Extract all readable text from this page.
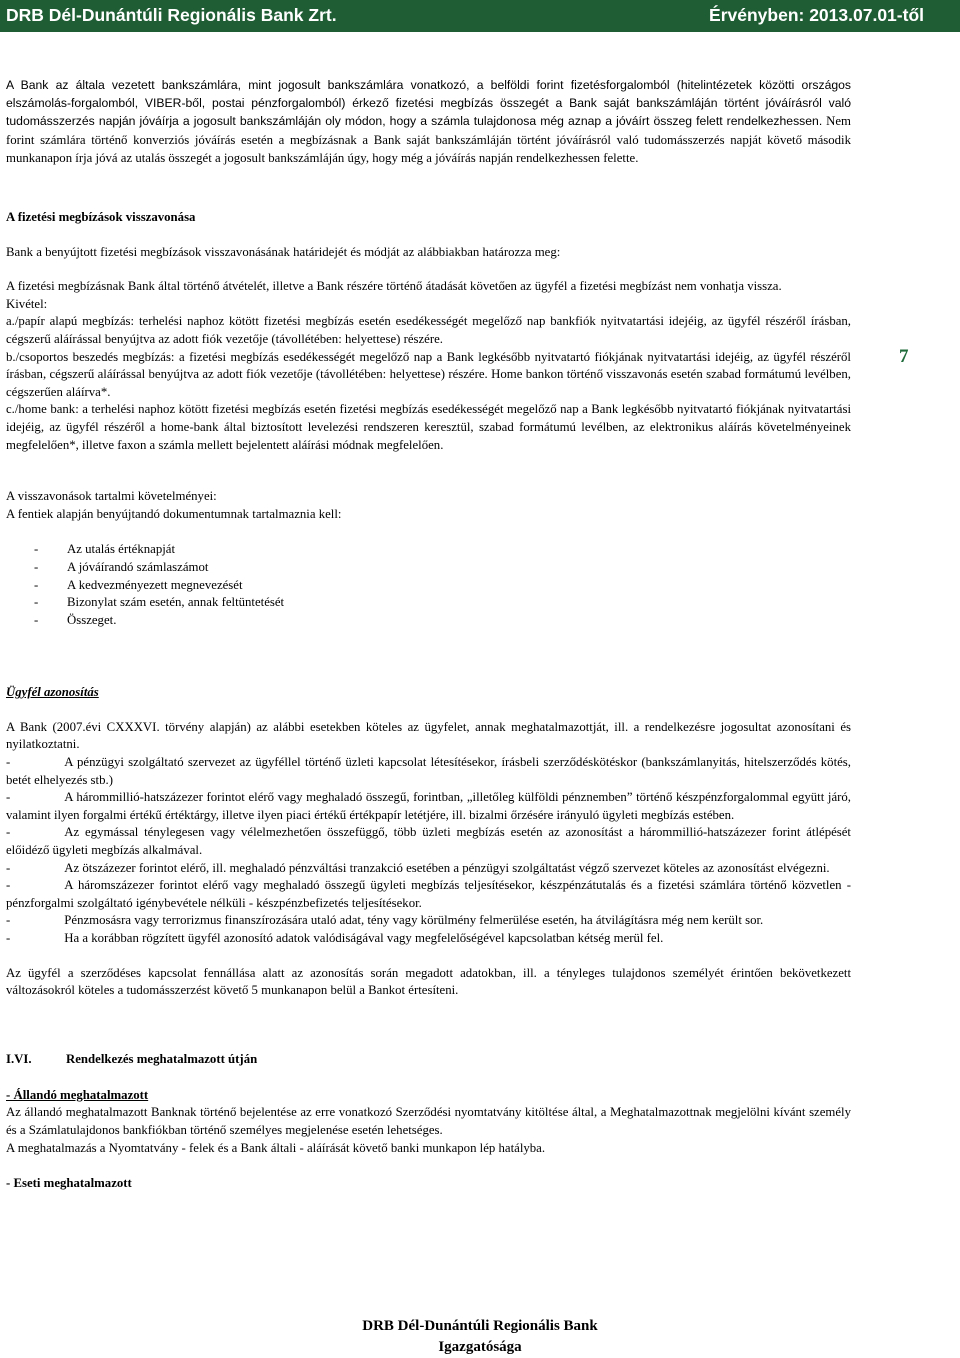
DRB Dél-Dunántúli Regionális Bank Zrt.	Érvényben: 2013.07.01-től
7

A Bank az általa vezetett bankszámlára, mint jogosult bankszámlára vonatkozó, a belföldi forint fizetésforgalomból (hitelintézetek közötti országos elszámolás-forgalomból, VIBER-ből, postai pénzforgalomból) érkező fizetési megbízás összegét a Bank saját bankszámláján történt jóváírásról való tudomásszerzés napján jóváírja a jogosult bankszámláján oly módon, hogy a számla tulajdonosa még aznap a jóváírt összeg felett rendelkezhessen. Nem forint számlára történő konverziós jóváírás esetén a megbízásnak a Bank saját bankszámláján történt jóváírásról való tudomásszerzés napját követő második munkanapon írja jóvá az utalás összegét a jogosult bankszámláján úgy, hogy még a jóváírás napján rendelkezhessen felette.

A fizetési megbízások visszavonása

Bank a benyújtott fizetési megbízások visszavonásának határidejét és módját az alábbiakban határozza meg:

A fizetési megbízásnak Bank által történő átvételét, illetve a Bank részére történő átadását követően az ügyfél a fizetési megbízást nem vonhatja vissza.

Kivétel:

a./papír alapú megbízás: terhelési naphoz kötött fizetési megbízás esetén esedékességét megelőző nap bankfiók nyitvatartási idejéig, az ügyfél részéről írásban, cégszerű aláírással benyújtva az adott fiók vezetője (távollétében: helyettese) részére.

b./csoportos beszedés megbízás: a fizetési megbízás esedékességét megelőző nap a Bank legkésőbb nyitvatartó fiókjának nyitvatartási idejéig, az ügyfél részéről írásban, cégszerű aláírással benyújtva az adott fiók vezetője (távollétében: helyettese) részére. Home bankon történő visszavonás esetén szabad formátumú levélben, cégszerűen aláírva*.

c./home bank: a terhelési naphoz kötött fizetési megbízás esetén fizetési megbízás esedékességét megelőző nap a Bank legkésőbb nyitvatartó fiókjának nyitvatartási idejéig, az ügyfél részéről a home-bank által biztosított levelezési rendszeren keresztül, szabad formátumú levélben, az elektronikus aláírás követelményeinek megfelelően*, illetve faxon a számla mellett bejelentett aláírási módnak megfelelően.

A visszavonások tartalmi követelményei:

A fentiek alapján benyújtandó dokumentumnak tartalmaznia kell:

- Az utalás értéknapját
- A jóváírandó számlaszámot
- A kedvezményezett megnevezését
- Bizonylat szám esetén, annak feltüntetését
- Összeget.

Ügyfél azonosítás

A Bank (2007.évi CXXXVI. törvény alapján) az alábbi esetekben köteles az ügyfelet, annak meghatalmazottját, ill. a rendelkezésre jogosultat azonosítani és nyilatkoztatni.

-	A pénzügyi szolgáltató szervezet az ügyféllel történő üzleti kapcsolat létesítésekor, írásbeli szerződéskötéskor (bankszámlanyitás, hitelszerződés kötés, betét elhelyezés stb.)

-	A hárommillió-hatszázezer forintot elérő vagy meghaladó összegű, forintban, „illetőleg külföldi pénznemben” történő készpénzforgalommal együtt járó, valamint ilyen forgalmi értékű értéktárgy, illetve ilyen piaci értékű értékpapír letétjére, ill. bizalmi őrzésére irányuló ügyleti megbízás estében.

-	Az egymással ténylegesen vagy vélelmezhetően összefüggő, több üzleti megbízás esetén az azonosítást a hárommillió-hatszázezer forint átlépését előidéző ügyleti megbízás alkalmával.

-	Az ötszázezer forintot elérő, ill. meghaladó pénzváltási tranzakció esetében a pénzügyi szolgáltatást végző szervezet köteles az azonosítást elvégezni.

-	A háromszázezer forintot elérő vagy meghaladó összegű ügyleti megbízás teljesítésekor, készpénzátutalás és a fizetési számlára történő közvetlen - pénzforgalmi szolgáltató igénybevétele nélküli - készpénzbefizetés teljesítésekor.

-	Pénzmosásra vagy terrorizmus finanszírozására utaló adat, tény vagy körülmény felmerülése esetén, ha átvilágításra még nem került sor.

-	Ha a korábban rögzített ügyfél azonosító adatok valódiságával vagy megfelelőségével kapcsolatban kétség merül fel.

Az ügyfél a szerződéses kapcsolat fennállása alatt az azonosítás során megadott adatokban, ill. a tényleges tulajdonos személyét érintően bekövetkezett változásokról köteles a tudomásszerzést követő 5 munkanapon belül a Bankot értesíteni.

I.VI.	Rendelkezés meghatalmazott útján

- Állandó meghatalmazott

Az állandó meghatalmazott Banknak történő bejelentése az erre vonatkozó Szerződési nyomtatvány kitöltése által, a Meghatalmazottnak megjelölni kívánt személy és a Számlatulajdonos bankfiókban történő személyes megjelenése esetén lehetséges.

A meghatalmazás a Nyomtatvány - felek és a Bank általi - aláírását követő banki munkapon lép hatályba.

- Eseti meghatalmazott

DRB Dél-Dunántúli Regionális Bank
Igazgatósága
